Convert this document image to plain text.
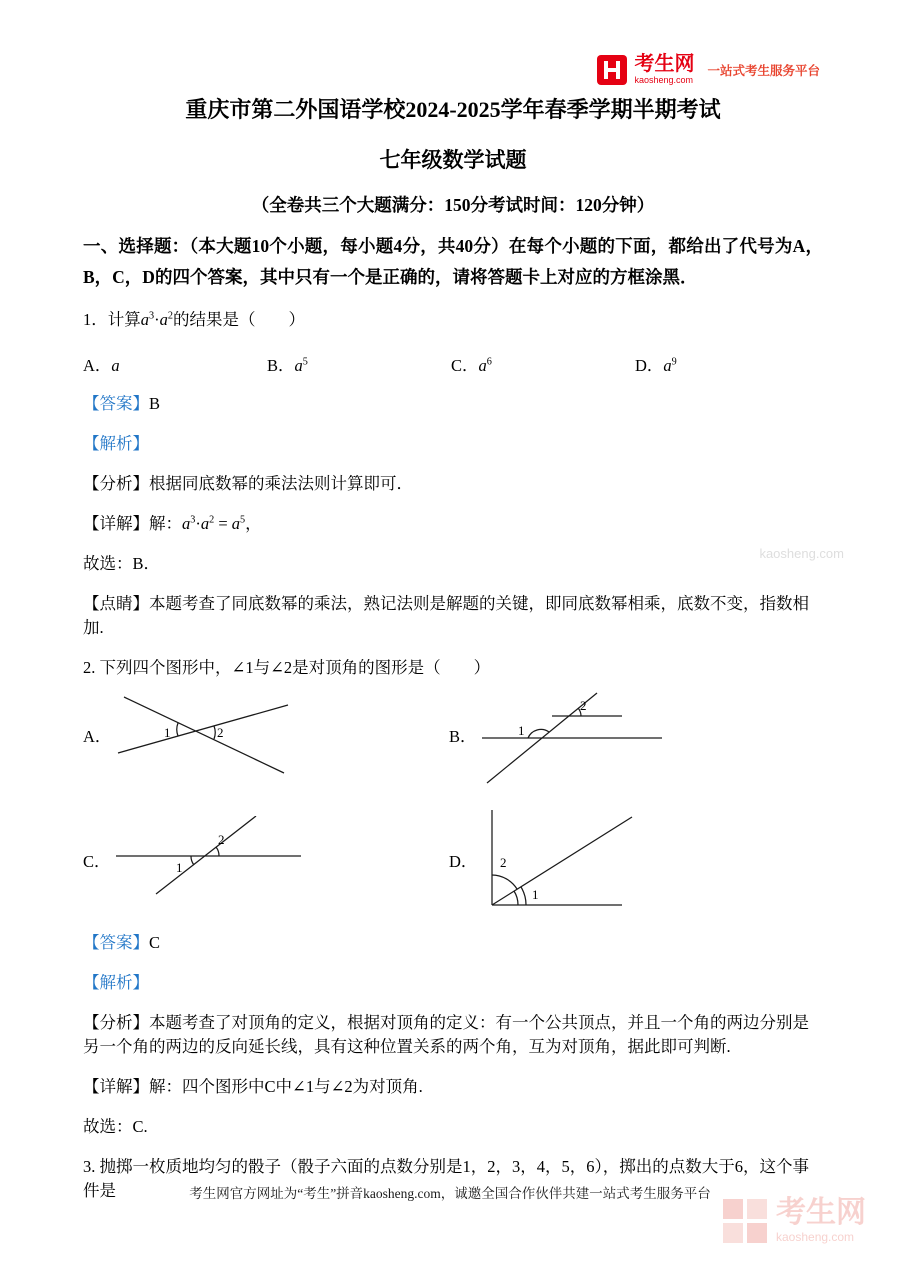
考生网
kaosheng.com
一站式考生服务平台
kaosheng.com

重庆市第二外国语学校2024-2025学年春季学期半期考试

七年级数学试题

（全卷共三个大题满分：150分考试时间：120分钟）

一、选择题：（本大题10个小题，每小题4分，共40分）在每个小题的下面，都给出了代号为A，B，C，D的四个答案，其中只有一个是正确的，请将答题卡上对应的方框涂黑．

1．计算$a^3\cdot a^2$的结果是（　　）

A．a	B．$a^5$	C．$a^6$	D．$a^9$

【答案】B

【解析】

【分析】根据同底数幂的乘法法则计算即可．

【详解】解：$a^3\cdot a^2 = a^5$，

故选：B．

【点睛】本题考查了同底数幂的乘法，熟记法则是解题的关键，即同底数幂相乘，底数不变，指数相加.

2. 下列四个图形中，∠1与∠2是对顶角的图形是（　　）

A．	1	2	B．	1
2
C．
2
1	D． 2
1

【答案】C

【解析】

【分析】本题考查了对顶角的定义，根据对顶角的定义：有一个公共顶点，并且一个角的两边分别是另一个角的两边的反向延长线，具有这种位置关系的两个角，互为对顶角，据此即可判断.

【详解】解：四个图形中C中∠1与∠2为对顶角.

故选：C.

3. 抛掷一枚质地均匀的骰子（骰子六面的点数分别是1，2，3，4，5，6），掷出的点数大于6，这个事件是	考生网官方网址为“考生”拼音kaosheng.com，诚邀全国合作伙伴共建一站式考生服务平台
考生网
kaosheng.com
